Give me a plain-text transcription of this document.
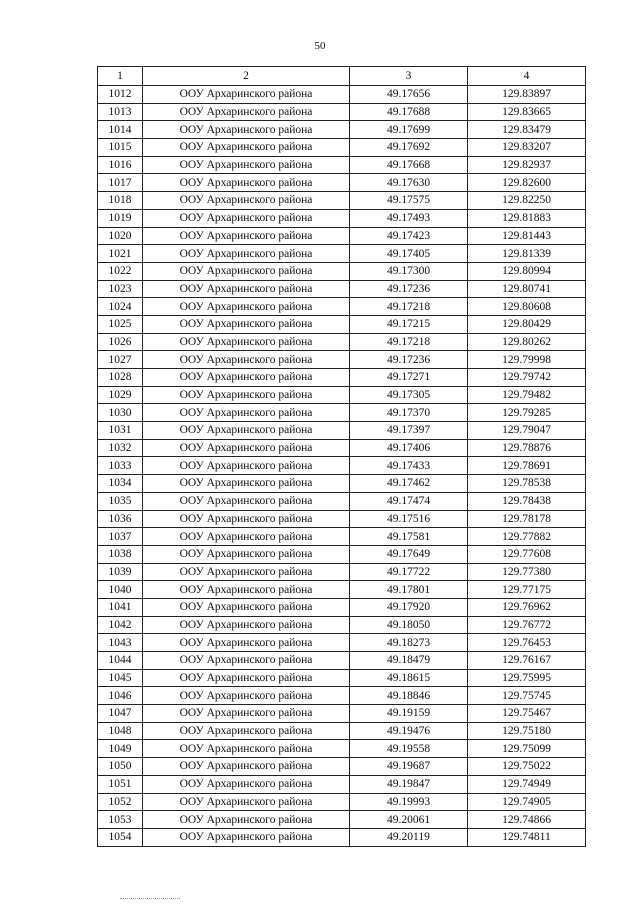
50
1	2	3	4
1012	ООУ Архаринского района	49.17656	129.83897
1013	ООУ Архаринского района	49.17688	129.83665
1014	ООУ Архаринского района	49.17699	129.83479
1015	ООУ Архаринского района	49.17692	129.83207
1016	ООУ Архаринского района	49.17668	129.82937
1017	ООУ Архаринского района	49.17630	129.82600
1018	ООУ Архаринского района	49.17575	129.82250
1019	ООУ Архаринского района	49.17493	129.81883
1020	ООУ Архаринского района	49.17423	129.81443
1021	ООУ Архаринского района	49.17405	129.81339
1022	ООУ Архаринского района	49.17300	129.80994
1023	ООУ Архаринского района	49.17236	129.80741
1024	ООУ Архаринского района	49.17218	129.80608
1025	ООУ Архаринского района	49.17215	129.80429
1026	ООУ Архаринского района	49.17218	129.80262
1027	ООУ Архаринского района	49.17236	129.79998
1028	ООУ Архаринского района	49.17271	129.79742
1029	ООУ Архаринского района	49.17305	129.79482
1030	ООУ Архаринского района	49.17370	129.79285
1031	ООУ Архаринского района	49.17397	129.79047
1032	ООУ Архаринского района	49.17406	129.78876
1033	ООУ Архаринского района	49.17433	129.78691
1034	ООУ Архаринского района	49.17462	129.78538
1035	ООУ Архаринского района	49.17474	129.78438
1036	ООУ Архаринского района	49.17516	129.78178
1037	ООУ Архаринского района	49.17581	129.77882
1038	ООУ Архаринского района	49.17649	129.77608
1039	ООУ Архаринского района	49.17722	129.77380
1040	ООУ Архаринского района	49.17801	129.77175
1041	ООУ Архаринского района	49.17920	129.76962
1042	ООУ Архаринского района	49.18050	129.76772
1043	ООУ Архаринского района	49.18273	129.76453
1044	ООУ Архаринского района	49.18479	129.76167
1045	ООУ Архаринского района	49.18615	129.75995
1046	ООУ Архаринского района	49.18846	129.75745
1047	ООУ Архаринского района	49.19159	129.75467
1048	ООУ Архаринского района	49.19476	129.75180
1049	ООУ Архаринского района	49.19558	129.75099
1050	ООУ Архаринского района	49.19687	129.75022
1051	ООУ Архаринского района	49.19847	129.74949
1052	ООУ Архаринского района	49.19993	129.74905
1053	ООУ Архаринского района	49.20061	129.74866
1054	ООУ Архаринского района	49.20119	129.74811
